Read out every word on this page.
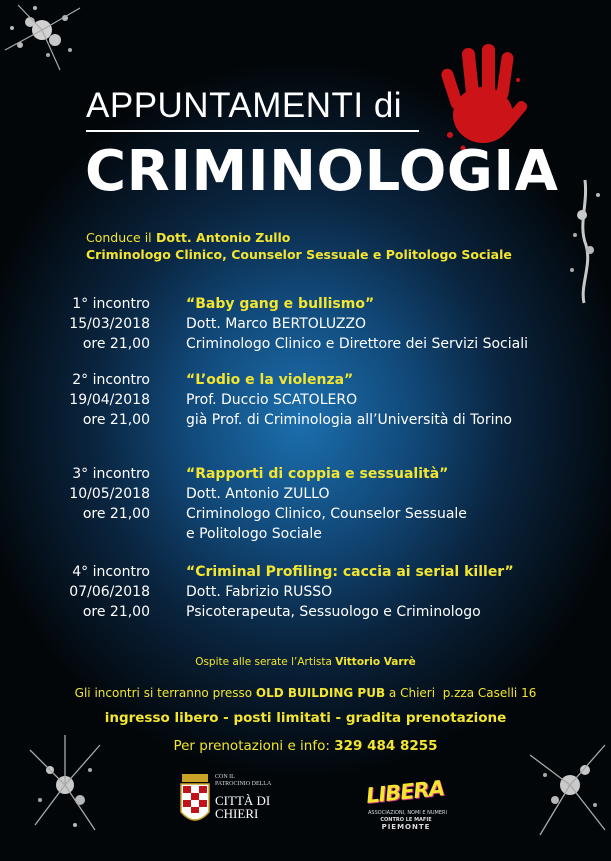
APPUNTAMENTI di
CRIMINOLOGIA
Conduce il Dott. Antonio Zullo
Criminologo Clinico, Counselor Sessuale e Politologo Sociale
1° incontro
15/03/2018
ore 21,00
“Baby gang e bullismo”
Dott. Marco BERTOLUZZO
Criminologo Clinico e Direttore dei Servizi Sociali
2° incontro
19/04/2018
ore 21,00
“L’odio e la violenza”
Prof. Duccio SCATOLERO
già Prof. di Criminologia all’Università di Torino
3° incontro
10/05/2018
ore 21,00
“Rapporti di coppia e sessualità”
Dott. Antonio ZULLO
Criminologo Clinico, Counselor Sessuale
e Politologo Sociale
4° incontro
07/06/2018
ore 21,00
“Criminal Profiling: caccia ai serial killer”
Dott. Fabrizio RUSSO
Psicoterapeuta, Sessuologo e Criminologo
Ospite alle serate l’Artista Vittorio Varrè
Gli incontri si terranno presso OLD BUILDING PUB a Chieri  p.zza Caselli 16
ingresso libero - posti limitati - gradita prenotazione
Per prenotazioni e info: 329 484 8255
CON IL
PATROCINIO DELLA
CITTÀ DI
CHIERI
LIBERA
ASSOCIAZIONI, NOMI E NUMERI
CONTRO LE MAFIE
PIEMONTE
